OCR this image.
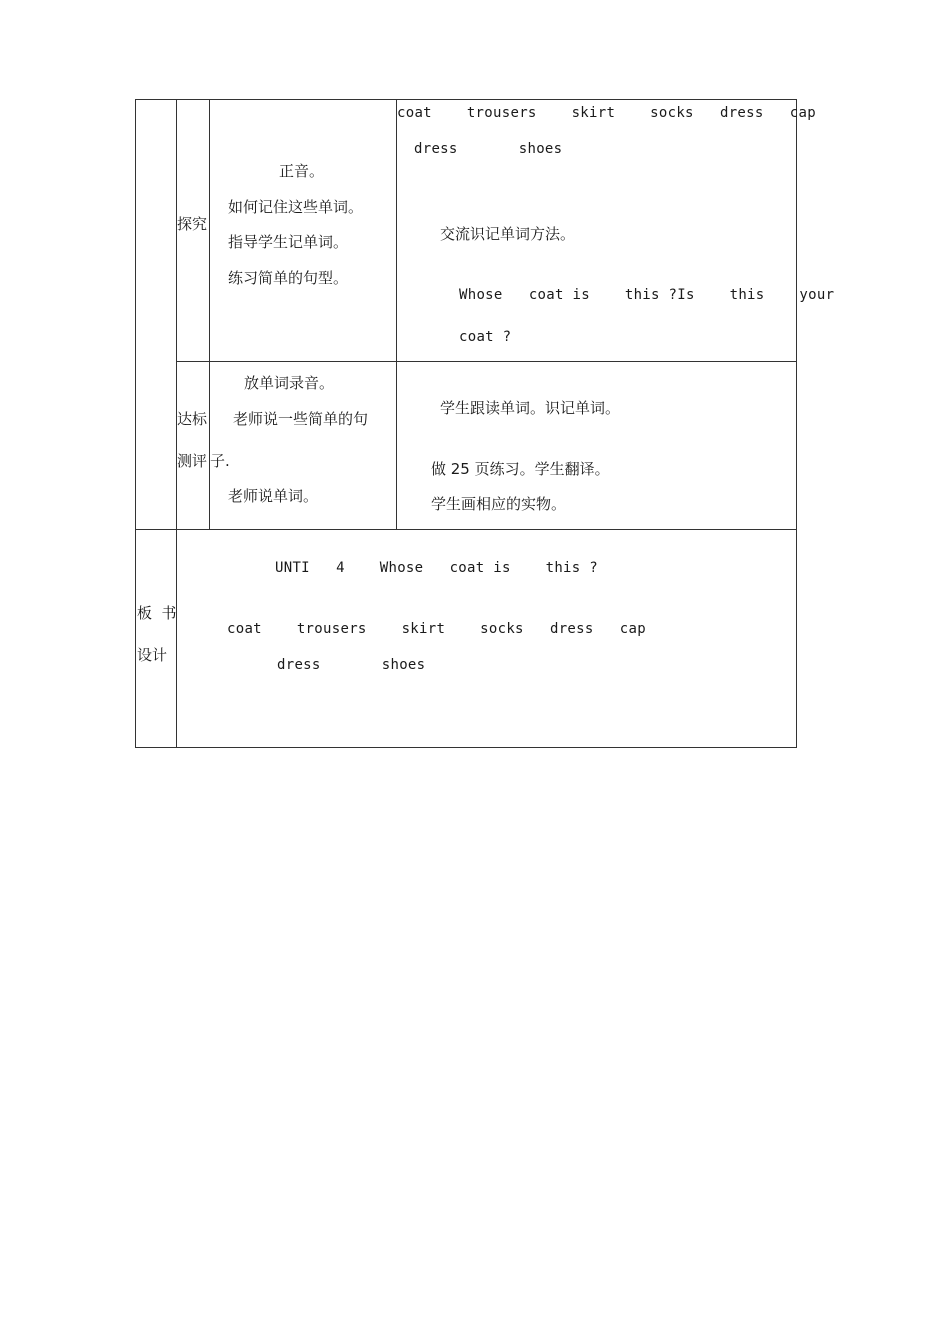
探究
正音。
如何记住这些单词。
指导学生记单词。
练习简单的句型。
coat    trousers    skirt    socks   dress   cap
dress       shoes
交流识记单词方法。
Whose   coat is    this ?Is    this    your
coat ?
达标
测评
放单词录音。
老师说一些简单的句
子.
老师说单词。
学生跟读单词。识记单词。
做 25 页练习。学生翻译。
学生画相应的实物。
板  书
设计
UNTI   4    Whose   coat is    this ?
coat    trousers    skirt    socks   dress   cap
dress       shoes
